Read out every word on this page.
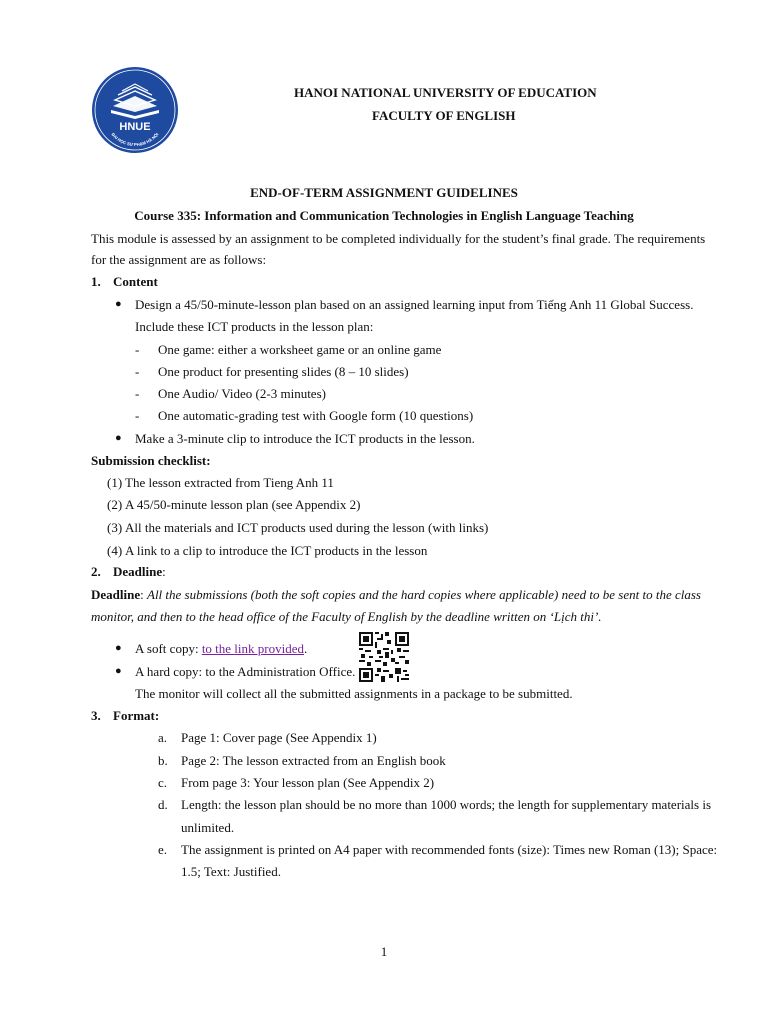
HNUE
ĐẠI HỌC SƯ PHẠM HÀ NỘI
HANOI NATIONAL UNIVERSITY OF EDUCATION
FACULTY OF ENGLISH
END-OF-TERM ASSIGNMENT GUIDELINES
Course 335: Information and Communication Technologies in English Language Teaching
This module is assessed by an assignment to be completed individually for the student’s final grade. The requirements
for the assignment are as follows:
1. Content
● Design a 45/50-minute-lesson plan based on an assigned learning input from Tiếng Anh 11 Global Success.
Include these ICT products in the lesson plan:
- One game: either a worksheet game or an online game
- One product for presenting slides (8 – 10 slides)
- One Audio/ Video (2-3 minutes)
- One automatic-grading test with Google form (10 questions)
● Make a 3-minute clip to introduce the ICT products in the lesson.
Submission checklist:
(1) The lesson extracted from Tieng Anh 11
(2) A 45/50-minute lesson plan (see Appendix 2)
(3) All the materials and ICT products used during the lesson (with links)
(4) A link to a clip to introduce the ICT products in the lesson
2. Deadline:
Deadline: All the submissions (both the soft copies and the hard copies where applicable) need to be sent to the class
monitor, and then to the head office of the Faculty of English by the deadline written on ‘Lịch thi’.
● A soft copy: to the link provided.
● A hard copy: to the Administration Office.
The monitor will collect all the submitted assignments in a package to be submitted.
3. Format:
a. Page 1: Cover page (See Appendix 1)
b. Page 2: The lesson extracted from an English book
c. From page 3: Your lesson plan (See Appendix 2)
d. Length: the lesson plan should be no more than 1000 words; the length for supplementary materials is
unlimited.
e. The assignment is printed on A4 paper with recommended fonts (size): Times new Roman (13); Space:
1.5; Text: Justified.
1
